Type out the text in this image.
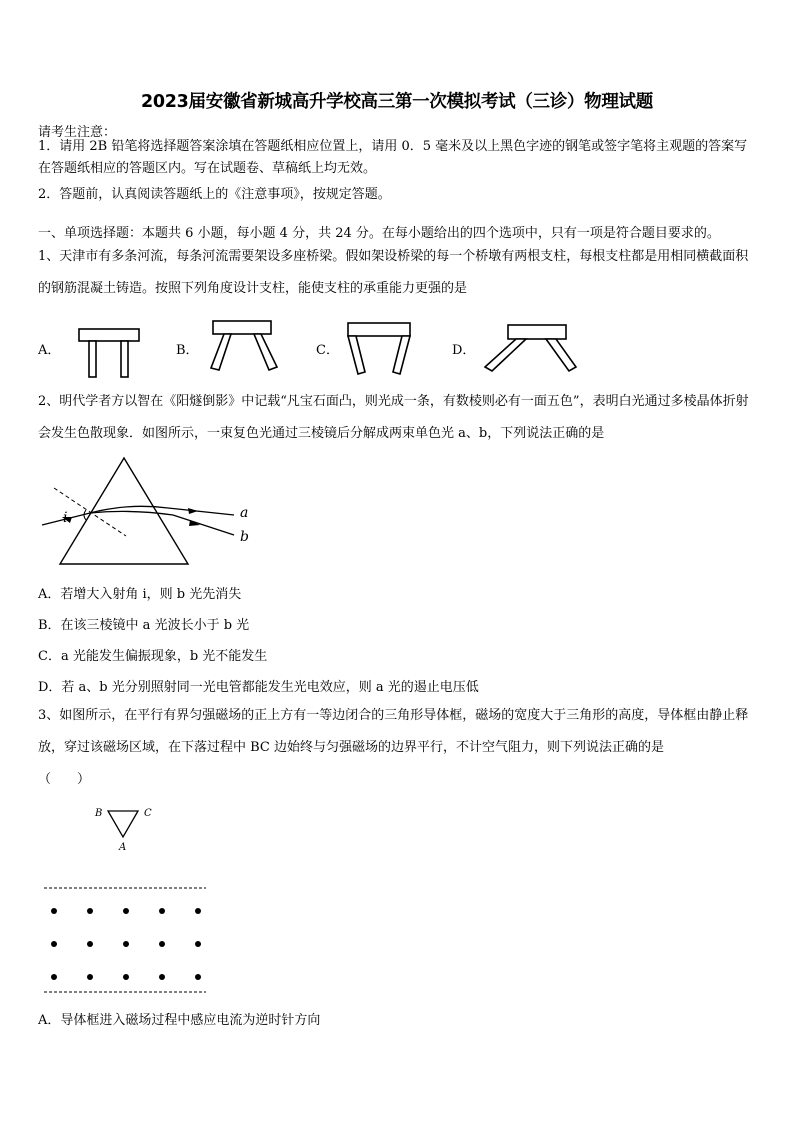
2023届安徽省新城高升学校高三第一次模拟考试（三诊）物理试题
请考生注意：
1．请用 2B 铅笔将选择题答案涂填在答题纸相应位置上，请用 0．5 毫米及以上黑色字迹的钢笔或签字笔将主观题的答案写在答题纸相应的答题区内。写在试题卷、草稿纸上均无效。
2．答题前，认真阅读答题纸上的《注意事项》，按规定答题。
一、单项选择题：本题共 6 小题，每小题 4 分，共 24 分。在每小题给出的四个选项中，只有一项是符合题目要求的。
1、天津市有多条河流，每条河流需要架设多座桥梁。假如架设桥梁的每一个桥墩有两根支柱，每根支柱都是用相同横截面积的钢筋混凝土铸造。按照下列角度设计支柱，能使支柱的承重能力更强的是
A．	B．	C．	D．
2、明代学者方以智在《阳燧倒影》中记载“凡宝石面凸，则光成一条，有数棱则必有一面五色”，表明白光通过多棱晶体折射会发生色散现象．如图所示，一束复色光通过三棱镜后分解成两束单色光 a、b，下列说法正确的是
i	a
b
A．若增大入射角 i，则 b 光先消失
B．在该三棱镜中 a 光波长小于 b 光
C．a 光能发生偏振现象，b 光不能发生
D．若 a、b 光分别照射同一光电管都能发生光电效应，则 a 光的遏止电压低
3、如图所示，在平行有界匀强磁场的正上方有一等边闭合的三角形导体框，磁场的宽度大于三角形的高度，导体框由静止释放，穿过该磁场区域，在下落过程中 BC 边始终与匀强磁场的边界平行，不计空气阻力，则下列说法正确的是
（　　）
B	C
A
A．导体框进入磁场过程中感应电流为逆时针方向
